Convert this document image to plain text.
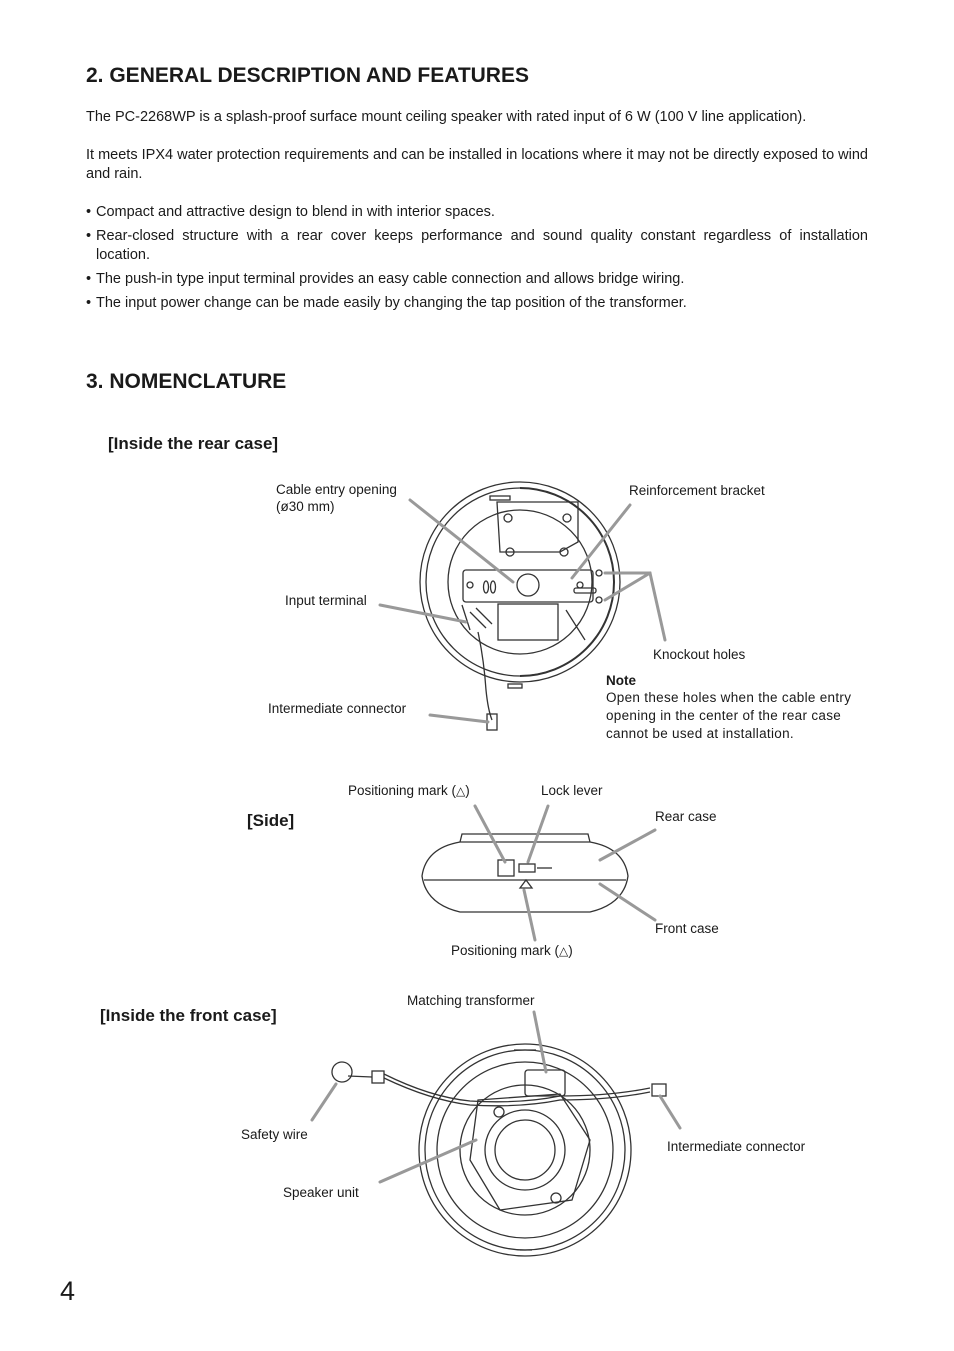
2. GENERAL DESCRIPTION AND FEATURES

The PC-2268WP is a splash-proof surface mount ceiling speaker with rated input of 6 W (100 V line application).

It meets IPX4 water protection requirements and can be installed in locations where it may not be directly exposed to wind and rain.

• Compact and attractive design to blend in with interior spaces.
• Rear-closed structure with a rear cover keeps performance and sound quality constant regardless of installation location.
• The push-in type input terminal provides an easy cable connection and allows bridge wiring.
• The input power change can be made easily by changing the tap position of the transformer.
3. NOMENCLATURE
[Inside the rear case]
Cable entry opening
(ø30 mm)
Reinforcement bracket
Input terminal
Knockout holes
Intermediate connector
Note

Open these holes when the cable entry opening in the center of the rear case cannot be used at installation.

[Side]
Positioning mark (△)	Lock lever
Rear case
Front case
Positioning mark (△)
[Inside the front case]
Matching transformer
Safety wire
Intermediate connector
Speaker unit
4
